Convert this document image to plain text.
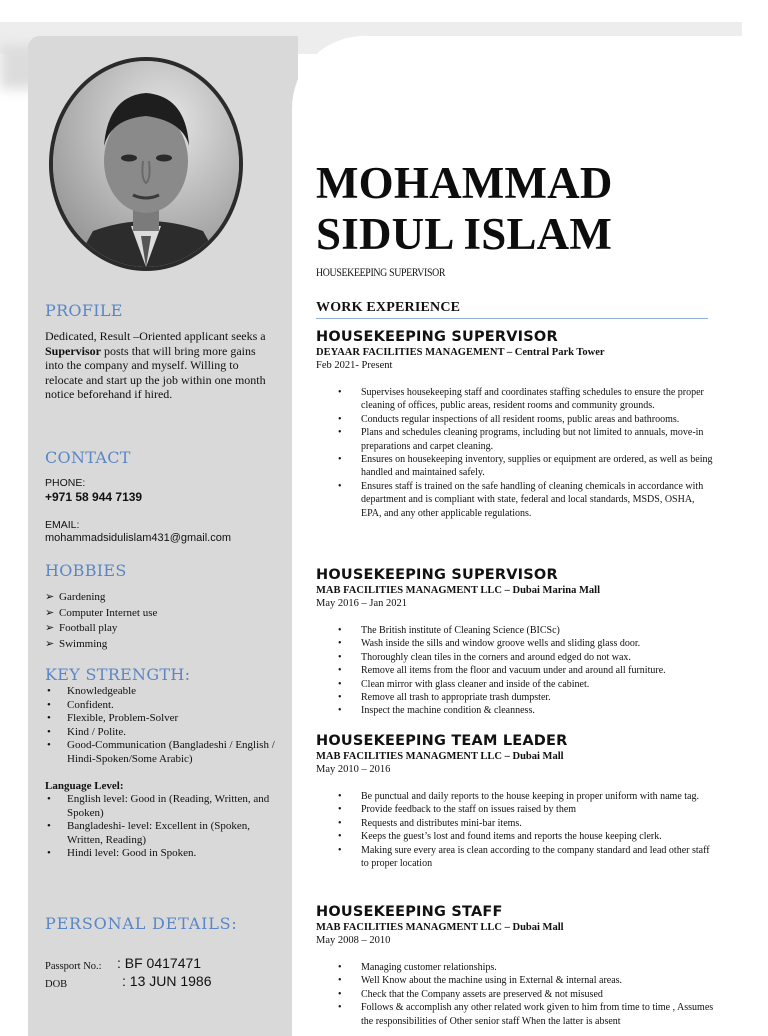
PROFILE
Dedicated, Result –Oriented applicant seeks a Supervisor posts that will bring more gains into the company and myself. Willing to relocate and start up the job within one month notice beforehand if hired.
CONTACT
PHONE:
+971 58 944 7139
EMAIL:
mohammadsidulislam431@gmail.com
HOBBIES
➢ Gardening
➢ Computer Internet use
➢ Football play
➢ Swimming
KEY STRENGTH:
• Knowledgeable
• Confident.
• Flexible, Problem-Solver
• Kind / Polite.
• Good-Communication (Bangladeshi / English / Hindi-Spoken/Some Arabic)
Language Level:
• English level: Good in (Reading, Written, and Spoken)
• Bangladeshi- level: Excellent in (Spoken, Written, Reading)
• Hindi level: Good in Spoken.
PERSONAL DETAILS:
Passport No.: : BF 0417471
DOB	: 13 JUN 1986
MOHAMMAD
SIDUL ISLAM
HOUSEKEEPING SUPERVISOR
WORK EXPERIENCE
HOUSEKEEPING SUPERVISOR
DEYAAR FACILITIES MANAGEMENT – Central Park Tower
Feb 2021- Present
•	Supervises housekeeping staff and coordinates staffing schedules to ensure the proper cleaning of offices, public areas, resident rooms and community grounds.
•	Conducts regular inspections of all resident rooms, public areas and bathrooms.
•	Plans and schedules cleaning programs, including but not limited to annuals, move-in preparations and carpet cleaning.
•	Ensures on housekeeping inventory, supplies or equipment are ordered, as well as being handled and maintained safely.
•	Ensures staff is trained on the safe handling of cleaning chemicals in accordance with department and is compliant with state, federal and local standards, MSDS, OSHA, EPA, and any other applicable regulations.
HOUSEKEEPING SUPERVISOR
MAB FACILITIES MANAGMENT LLC – Dubai Marina Mall
May 2016 – Jan 2021
•	The British institute of Cleaning Science (BICSc)
•	Wash inside the sills and window groove wells and sliding glass door.
•	Thoroughly clean tiles in the corners and around edged do not wax.
•	Remove all items from the floor and vacuum under and around all furniture.
•	Clean mirror with glass cleaner and inside of the cabinet.
•	Remove all trash to appropriate trash dumpster.
•	Inspect the machine condition & cleanness.
HOUSEKEEPING TEAM LEADER
MAB FACILITIES MANAGMENT LLC – Dubai Mall
May 2010 – 2016
•	Be punctual and daily reports to the house keeping in proper uniform with name tag.
•	Provide feedback to the staff on issues raised by them
•	Requests and distributes mini-bar items.
•	Keeps the guest’s lost and found items and reports the house keeping clerk.
•	Making sure every area is clean according to the company standard and lead other staff to proper location
HOUSEKEEPING STAFF
MAB FACILITIES MANAGMENT LLC – Dubai Mall
May 2008 – 2010
•	Managing customer relationships.
•	Well Know about the machine using in External & internal areas.
•	Check that the Company assets are preserved & not misused
•	Follows & accomplish any other related work given to him from time to time , Assumes the responsibilities of Other senior staff When the latter is absent
